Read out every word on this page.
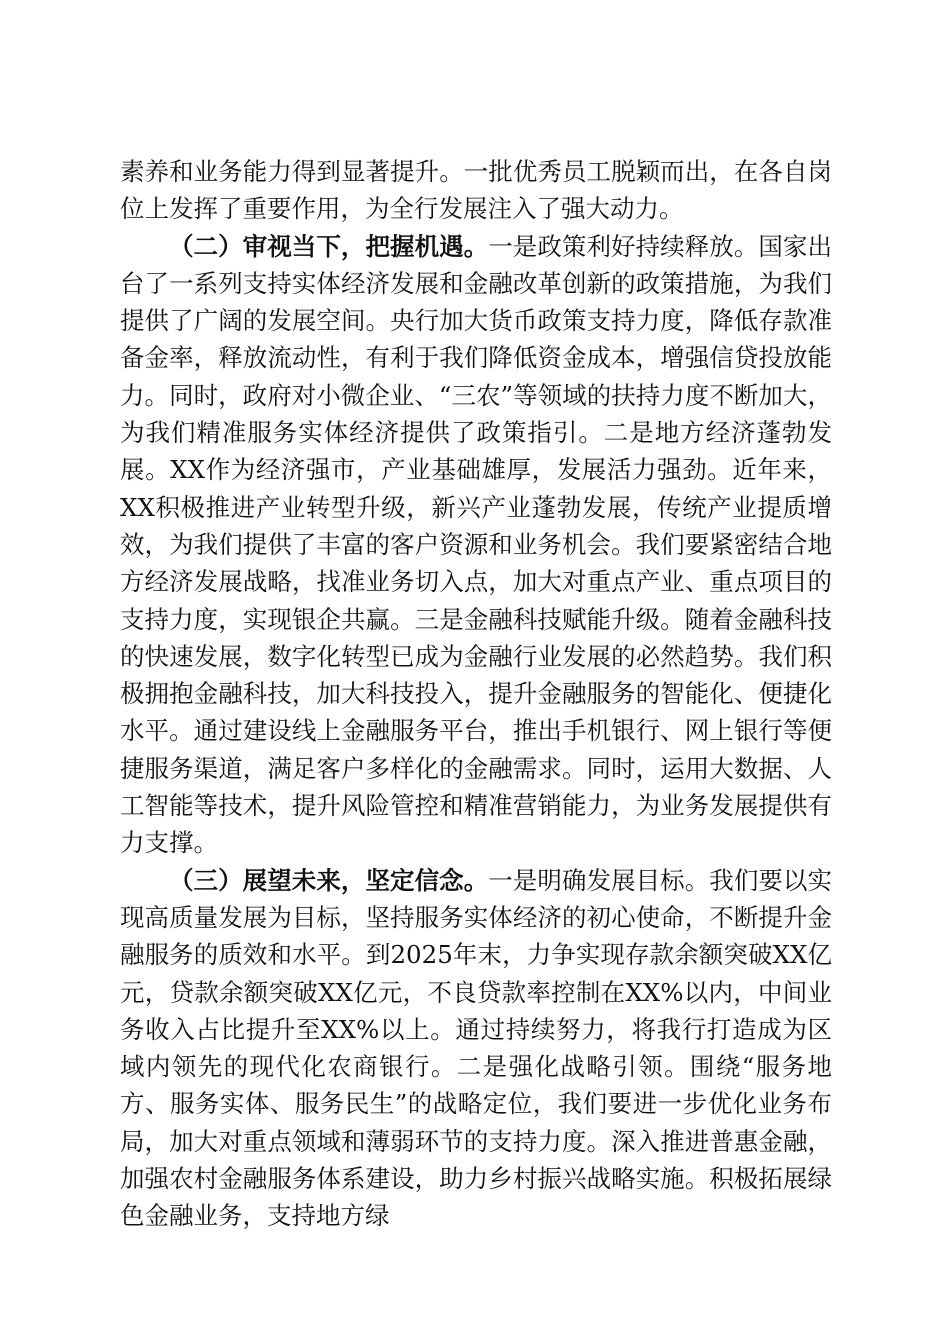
素养和业务能力得到显著提升。一批优秀员工脱颖而出，在各自岗位上发挥了重要作用，为全行发展注入了强大动力。

（二）审视当下，把握机遇。一是政策利好持续释放。国家出台了一系列支持实体经济发展和金融改革创新的政策措施，为我们提供了广阔的发展空间。央行加大货币政策支持力度，降低存款准备金率，释放流动性，有利于我们降低资金成本，增强信贷投放能力。同时，政府对小微企业、“三农”等领域的扶持力度不断加大，为我们精准服务实体经济提供了政策指引。二是地方经济蓬勃发展。XX作为经济强市，产业基础雄厚，发展活力强劲。近年来，XX积极推进产业转型升级，新兴产业蓬勃发展，传统产业提质增效，为我们提供了丰富的客户资源和业务机会。我们要紧密结合地方经济发展战略，找准业务切入点，加大对重点产业、重点项目的支持力度，实现银企共赢。三是金融科技赋能升级。随着金融科技的快速发展，数字化转型已成为金融行业发展的必然趋势。我们积极拥抱金融科技，加大科技投入，提升金融服务的智能化、便捷化水平。通过建设线上金融服务平台，推出手机银行、网上银行等便捷服务渠道，满足客户多样化的金融需求。同时，运用大数据、人工智能等技术，提升风险管控和精准营销能力，为业务发展提供有力支撑。

（三）展望未来，坚定信念。一是明确发展目标。我们要以实现高质量发展为目标，坚持服务实体经济的初心使命，不断提升金融服务的质效和水平。到2025年末，力争实现存款余额突破XX亿元，贷款余额突破XX亿元，不良贷款率控制在XX%以内，中间业务收入占比提升至XX%以上。通过持续努力，将我行打造成为区域内领先的现代化农商银行。二是强化战略引领。围绕“服务地方、服务实体、服务民生”的战略定位，我们要进一步优化业务布局，加大对重点领域和薄弱环节的支持力度。深入推进普惠金融，加强农村金融服务体系建设，助力乡村振兴战略实施。积极拓展绿色金融业务，支持地方绿
